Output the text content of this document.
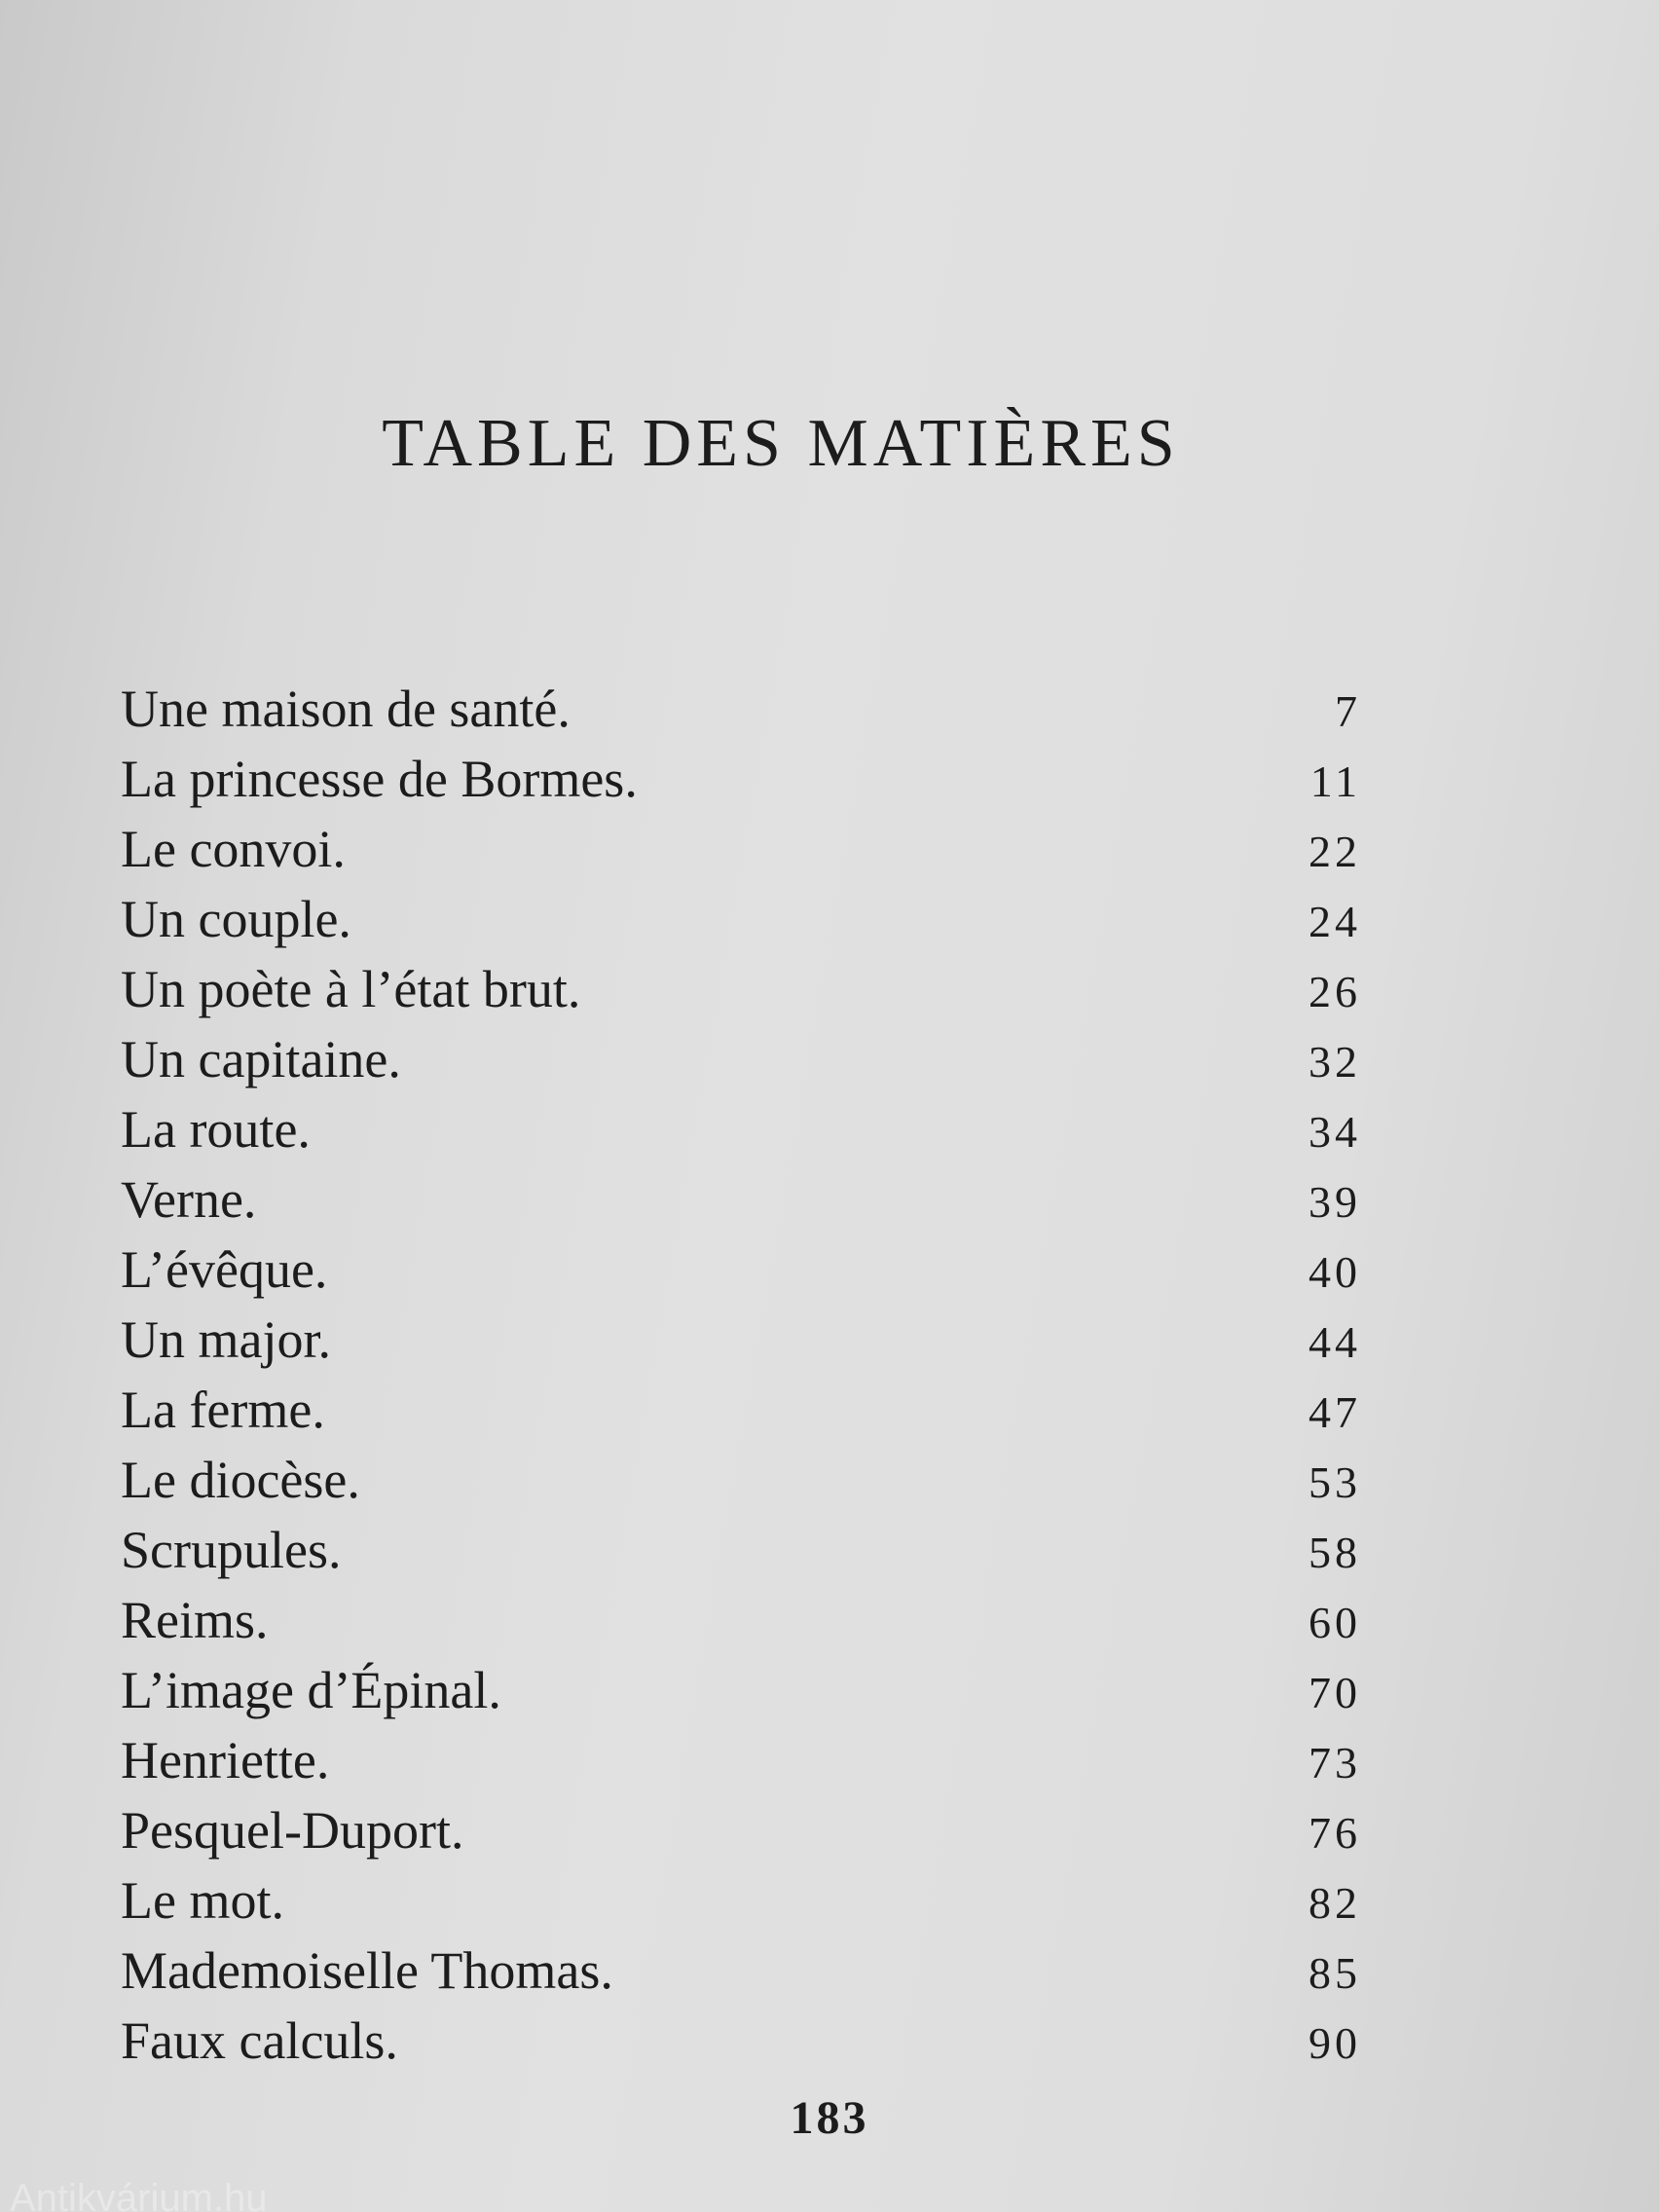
TABLE DES MATIÈRES
Une maison de santé.	7
La princesse de Bormes.	11
Le convoi.	22
Un couple.	24
Un poète à l’état brut.	26
Un capitaine.	32
La route.	34
Verne.	39
L’évêque.	40
Un major.	44
La ferme.	47
Le diocèse.	53
Scrupules.	58
Reims.	60
L’image d’Épinal.	70
Henriette.	73
Pesquel-Duport.	76
Le mot.	82
Mademoiselle Thomas.	85
Faux calculs.	90
183
Antikvárium.hu
